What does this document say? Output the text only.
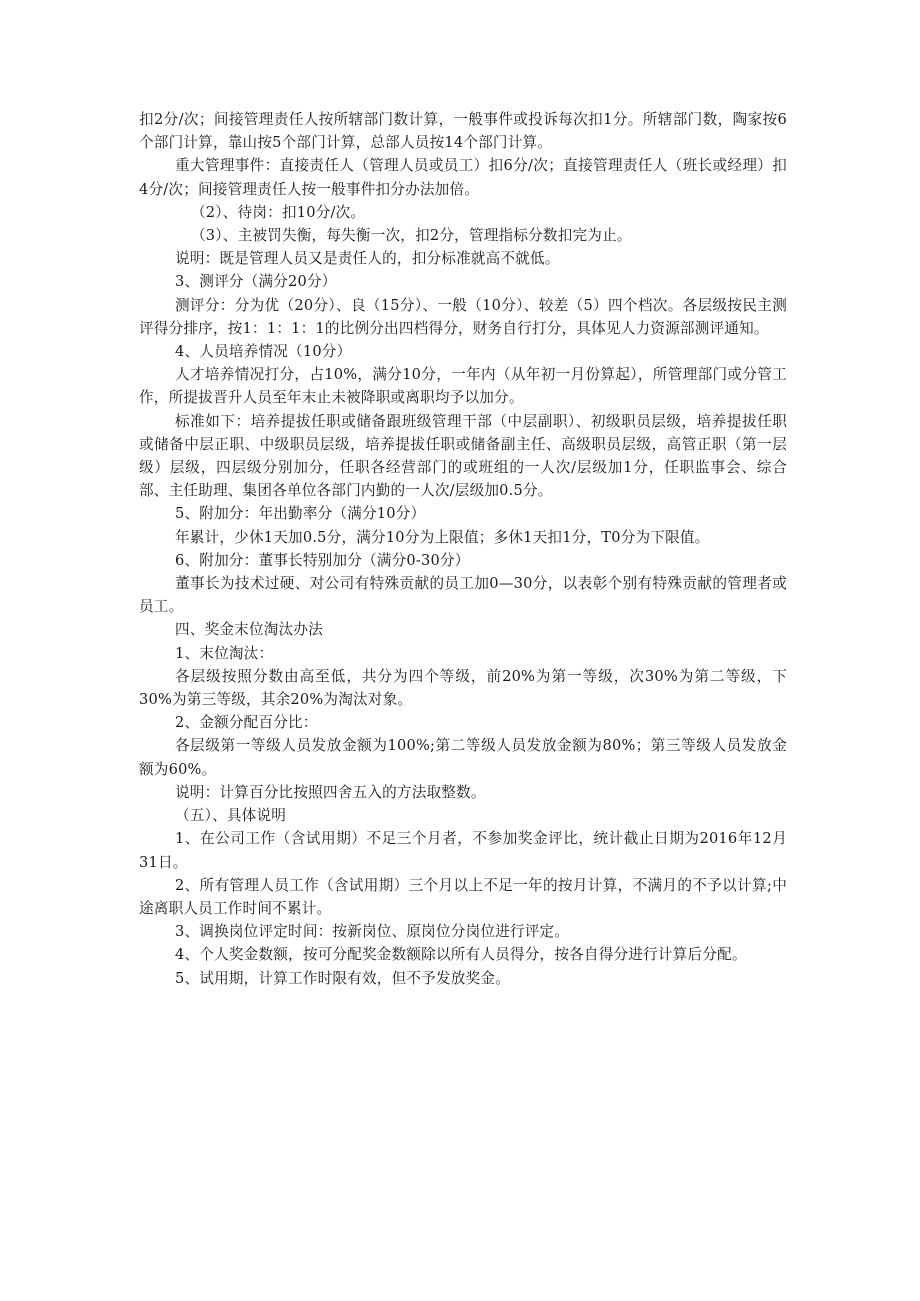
扣2分/次；间接管理责任人按所辖部门数计算，一般事件或投诉每次扣1分。所辖部门数，陶家按6个部门计算，靠山按5个部门计算，总部人员按14个部门计算。

重大管理事件：直接责任人（管理人员或员工）扣6分/次；直接管理责任人（班长或经理）扣4分/次；间接管理责任人按一般事件扣分办法加倍。

（2）、待岗：扣10分/次。

（3）、主被罚失衡，每失衡一次，扣2分，管理指标分数扣完为止。

说明：既是管理人员又是责任人的，扣分标准就高不就低。

3、测评分（满分20分）

测评分：分为优（20分）、良（15分）、一般（10分）、较差（5）四个档次。各层级按民主测评得分排序，按1：1：1：1的比例分出四档得分，财务自行打分，具体见人力资源部测评通知。

4、人员培养情况（10分）

人才培养情况打分，占10%，满分10分，一年内（从年初一月份算起），所管理部门或分管工作，所提拔晋升人员至年末止未被降职或离职均予以加分。

标准如下：培养提拔任职或储备跟班级管理干部（中层副职）、初级职员层级，培养提拔任职或储备中层正职、中级职员层级，培养提拔任职或储备副主任、高级职员层级，高管正职（第一层级）层级，四层级分别加分，任职各经营部门的或班组的一人次/层级加1分，任职监事会、综合部、主任助理、集团各单位各部门内勤的一人次/层级加0.5分。

5、附加分：年出勤率分（满分10分）

年累计，少休1天加0.5分，满分10分为上限值；多休1天扣1分，T0分为下限值。

6、附加分：董事长特别加分（满分0-30分）

董事长为技术过硬、对公司有特殊贡献的员工加0—30分，以表彰个别有特殊贡献的管理者或员工。

四、奖金末位淘汰办法

1、末位淘汰：

各层级按照分数由高至低，共分为四个等级，前20%为第一等级，次30%为第二等级，下30%为第三等级，其余20%为淘汰对象。

2、金额分配百分比：

各层级第一等级人员发放金额为100%;第二等级人员发放金额为80%；第三等级人员发放金额为60%。

说明：计算百分比按照四舍五入的方法取整数。

（五）、具体说明

1、在公司工作（含试用期）不足三个月者，不参加奖金评比，统计截止日期为2016年12月31日。

2、所有管理人员工作（含试用期）三个月以上不足一年的按月计算，不满月的不予以计算;中途离职人员工作时间不累计。

3、调换岗位评定时间：按新岗位、原岗位分岗位进行评定。

4、个人奖金数额，按可分配奖金数额除以所有人员得分，按各自得分进行计算后分配。

5、试用期，计算工作时限有效，但不予发放奖金。
